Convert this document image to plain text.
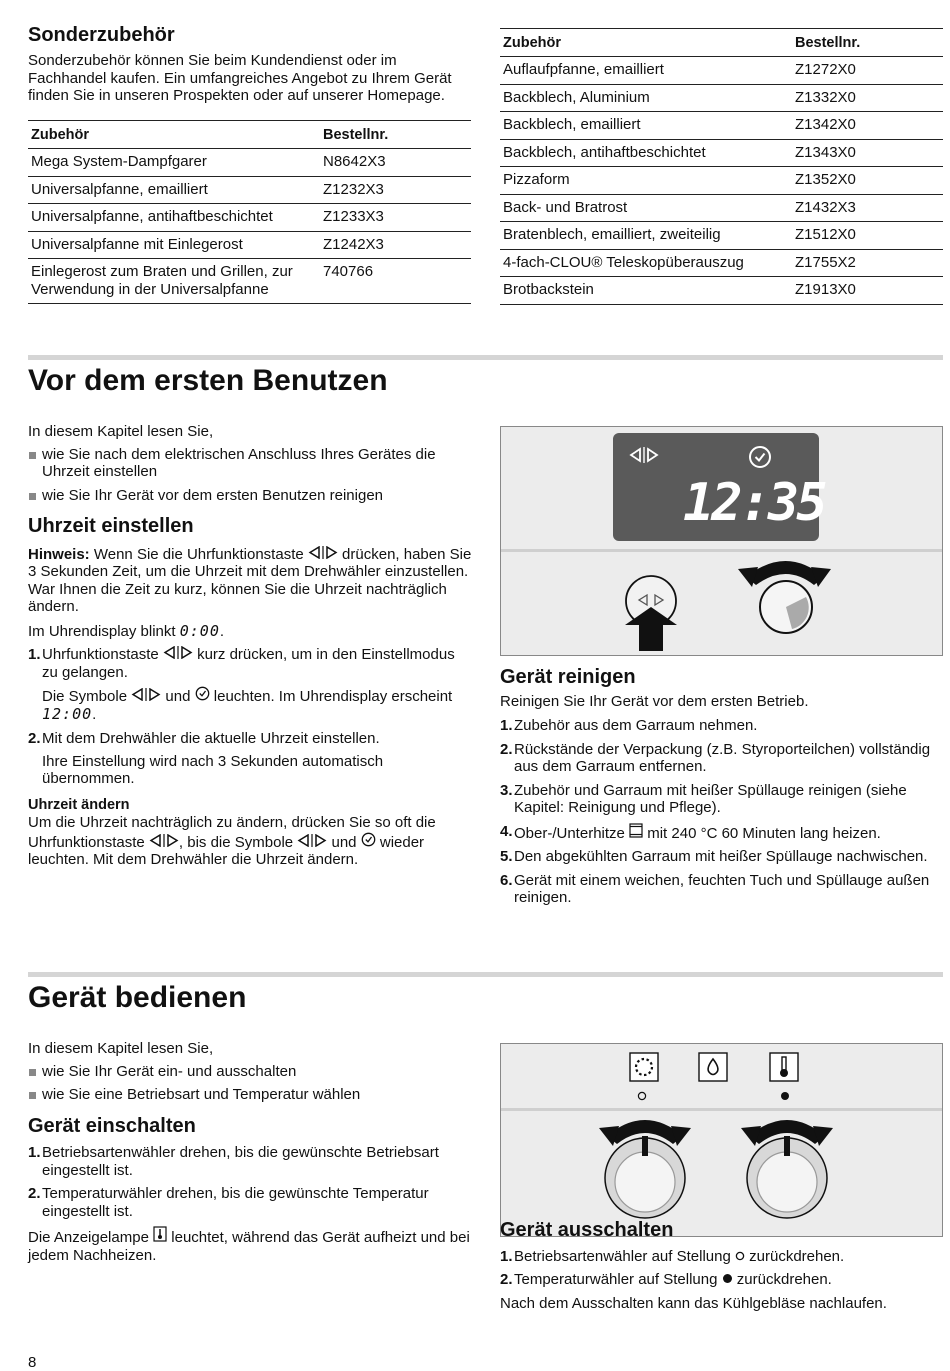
Sonderzubehör

Sonderzubehör können Sie beim Kundendienst oder im Fachhandel kaufen. Ein umfangreiches Angebot zu Ihrem Gerät finden Sie in unseren Prospekten oder auf unserer Homepage.

Zubehör	Bestellnr.
Mega System-Dampfgarer	N8642X3
Universalpfanne, emailliert	Z1232X3
Universalpfanne, antihaftbeschichtet	Z1233X3
Universalpfanne mit Einlegerost	Z1242X3
Einlegerost zum Braten und Grillen, zur Verwendung in der Universalpfanne	740766
Zubehör	Bestellnr.
Auflaufpfanne, emailliert	Z1272X0
Backblech, Aluminium	Z1332X0
Backblech, emailliert	Z1342X0
Backblech, antihaftbeschichtet	Z1343X0
Pizzaform	Z1352X0
Back- und Bratrost	Z1432X3
Bratenblech, emailliert, zweiteilig	Z1512X0
4-fach-CLOU® Teleskopüberauszug	Z1755X2
Brotbackstein	Z1913X0
Vor dem ersten Benutzen

In diesem Kapitel lesen Sie,

wie Sie nach dem elektrischen Anschluss Ihres Gerätes die Uhrzeit einstellen

wie Sie Ihr Gerät vor dem ersten Benutzen reinigen

Uhrzeit einstellen

Hinweis: Wenn Sie die Uhrfunktionstaste	drücken, haben Sie 3 Sekunden Zeit, um die Uhrzeit mit dem Drehwähler einzustellen. War Ihnen die Zeit zu kurz, können Sie die Uhrzeit nachträglich ändern.

Im Uhrendisplay blinkt 0:00.

1. Uhrfunktionstaste	kurz drücken, um in den Einstellmodus zu gelangen.

Die Symbole	und leuchten. Im Uhrendisplay erscheint 12:00.

2. Mit dem Drehwähler die aktuelle Uhrzeit einstellen.

Ihre Einstellung wird nach 3 Sekunden automatisch übernommen.

Uhrzeit ändern

Um die Uhrzeit nachträglich zu ändern, drücken Sie so oft die Uhrfunktionstaste , bis die Symbole	und wieder leuchten. Mit dem Drehwähler die Uhrzeit ändern.

12:35
Gerät reinigen

Reinigen Sie Ihr Gerät vor dem ersten Betrieb.

1. Zubehör aus dem Garraum nehmen.

2. Rückstände der Verpackung (z.B. Styroporteilchen) vollständig aus dem Garraum entfernen.

3. Zubehör und Garraum mit heißer Spüllauge reinigen (siehe Kapitel: Reinigung und Pflege).

4. Ober-/Unterhitze mit 240 °C 60 Minuten lang heizen.

5. Den abgekühlten Garraum mit heißer Spüllauge nachwischen.

6. Gerät mit einem weichen, feuchten Tuch und Spüllauge außen reinigen.

Gerät bedienen

In diesem Kapitel lesen Sie,

wie Sie Ihr Gerät ein- und ausschalten

wie Sie eine Betriebsart und Temperatur wählen

Gerät einschalten

1. Betriebsartenwähler drehen, bis die gewünschte Betriebsart eingestellt ist.

2. Temperaturwähler drehen, bis die gewünschte Temperatur eingestellt ist.

Die Anzeigelampe leuchtet, während das Gerät aufheizt und bei jedem Nachheizen.

Gerät ausschalten

1. Betriebsartenwähler auf Stellung zurückdrehen.

2. Temperaturwähler auf Stellung zurückdrehen.

Nach dem Ausschalten kann das Kühlgebläse nachlaufen.

8
